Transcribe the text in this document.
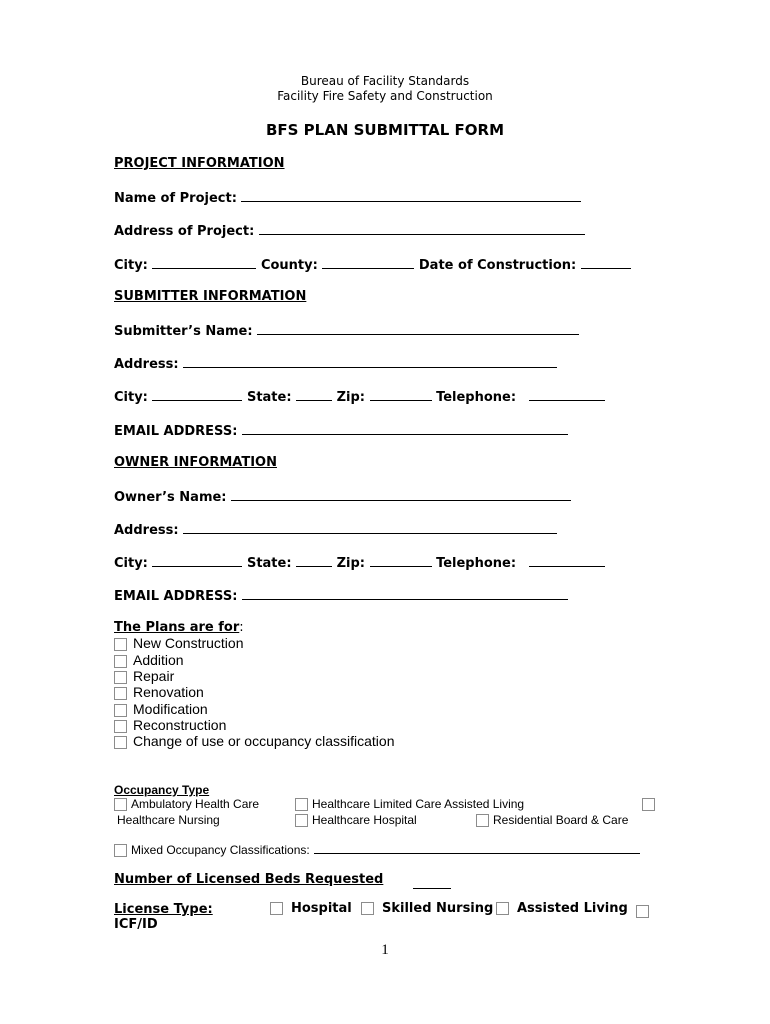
Bureau of Facility Standards
Facility Fire Safety and Construction
BFS PLAN SUBMITTAL FORM
PROJECT INFORMATION
Name of Project:
Address of Project:
City:	County:	Date of Construction:
SUBMITTER INFORMATION
Submitter’s Name:
Address:
City:	State:	Zip:	Telephone:
EMAIL ADDRESS:
OWNER INFORMATION
Owner’s Name:
Address:
City:	State:	Zip:	Telephone:
EMAIL ADDRESS:
The Plans are for:
New Construction
Addition
Repair
Renovation
Modification
Reconstruction
Change of use or occupancy classification
Occupancy Type
Ambulatory Health Care	Healthcare Limited Care Assisted Living
Healthcare Nursing	Healthcare Hospital	Residential Board & Care
Mixed Occupancy Classifications:
Number of Licensed Beds Requested
License Type:	Hospital	Skilled Nursing	Assisted Living
ICF/ID
1
